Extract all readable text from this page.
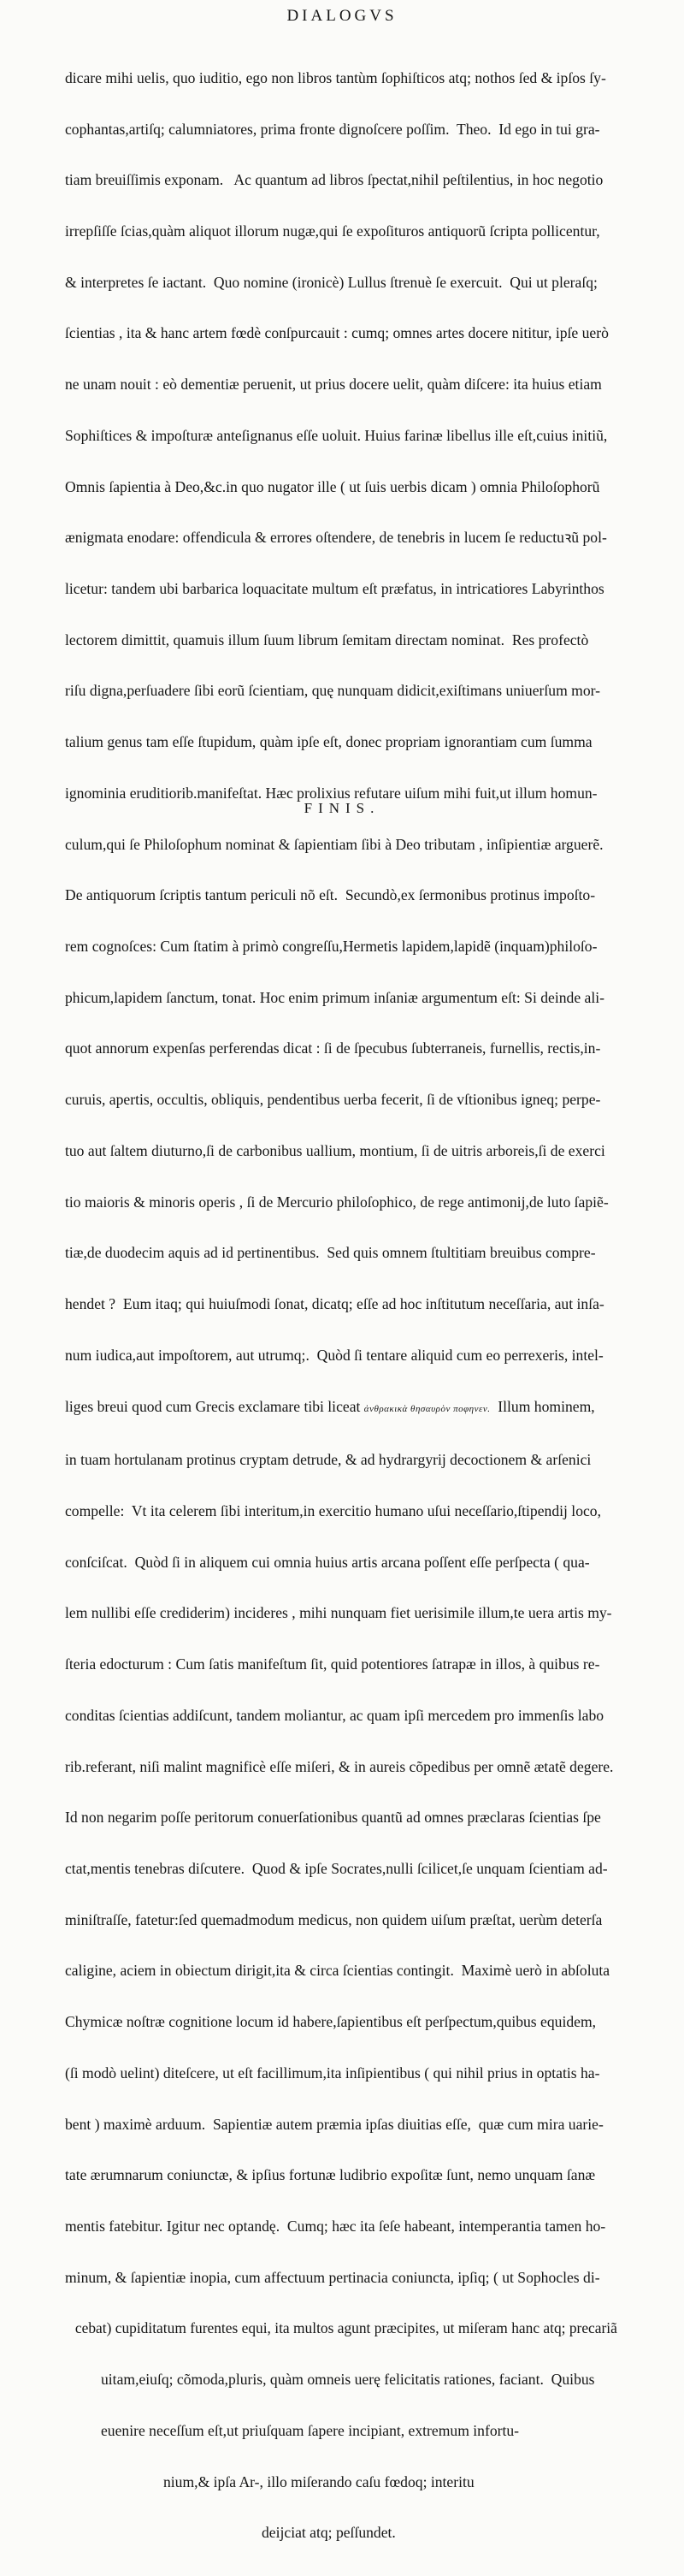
DIALOGVS

dicare mihi uelis, quo iuditio, ego non libros tantùm ſophiſticos atq; nothos ſed & ipſos ſy-

cophantas,artiſq; calumniatores, prima fronte dignoſcere poſſim.  Theo.  Id ego in tui gra-

tiam breuiſſimis exponam.   Ac quantum ad libros ſpectat,nihil peſtilentius, in hoc negotio

irrepſiſſe ſcias,quàm aliquot illorum nugæ,qui ſe expoſituros antiquorũ ſcripta pollicentur,

& interpretes ſe iactant.  Quo nomine (ironicè) Lullus ſtrenuè ſe exercuit.  Qui ut pleraſq;

ſcientias , ita & hanc artem fœdè conſpurcauit : cumq; omnes artes docere nititur, ipſe uerò

ne unam nouit : eò dementiæ peruenit, ut prius docere uelit, quàm diſcere: ita huius etiam

Sophiſtices & impoſturæ anteſignanus eſſe uoluit. Huius farinæ libellus ille eſt,cuius initiũ,

Omnis ſapientia à Deo,&c.in quo nugator ille ( ut ſuis uerbis dicam ) omnia Philoſophorũ

ænigmata enodare: offendicula & errores oſtendere, de tenebris in lucem ſe reductuꝛũ pol-

licetur: tandem ubi barbarica loquacitate multum eſt præfatus, in intricatiores Labyrinthos

lectorem dimittit, quamuis illum ſuum librum ſemitam directam nominat.  Res profectò

riſu digna,perſuadere ſibi eorũ ſcientiam, quę nunquam didicit,exiſtimans uniuerſum mor-

talium genus tam eſſe ſtupidum, quàm ipſe eſt, donec propriam ignorantiam cum ſumma

ignominia eruditiorib.manifeſtat. Hæc prolixius refutare uiſum mihi fuit,ut illum homun-

culum,qui ſe Philoſophum nominat & ſapientiam ſibi à Deo tributam , inſipientiæ arguerẽ.

De antiquorum ſcriptis tantum periculi nõ eſt.  Secundò,ex ſermonibus protinus impoſto-

rem cognoſces: Cum ſtatim à primò congreſſu,Hermetis lapidem,lapidẽ (inquam)philoſo-

phicum,lapidem ſanctum, tonat. Hoc enim primum inſaniæ argumentum eſt: Si deinde ali-

quot annorum expenſas perferendas dicat : ſi de ſpecubus ſubterraneis, furnellis, rectis,in-

curuis, apertis, occultis, obliquis, pendentibus uerba fecerit, ſi de vſtionibus igneq; perpe-

tuo aut ſaltem diuturno,ſi de carbonibus uallium, montium, ſi de uitris arboreis,ſi de exerci

tio maioris & minoris operis , ſi de Mercurio philoſophico, de rege antimonij,de luto ſapiẽ-

tiæ,de duodecim aquis ad id pertinentibus.  Sed quis omnem ſtultitiam breuibus compre-

hendet ?  Eum itaq; qui huiuſmodi ſonat, dicatq; eſſe ad hoc inſtitutum neceſſaria, aut inſa-

num iudica,aut impoſtorem, aut utrumq;.  Quòd ſi tentare aliquid cum eo perrexeris, intel-

liges breui quod cum Grecis exclamare tibi liceat ἀνθρακικὰ θησαυρὸν ποφηνεν.  Illum hominem,

in tuam hortulanam protinus cryptam detrude, & ad hydrargyrij decoctionem & arſenici

compelle:  Vt ita celerem ſibi interitum,in exercitio humano uſui neceſſario,ſtipendij loco,

conſciſcat.  Quòd ſi in aliquem cui omnia huius artis arcana poſſent eſſe perſpecta ( qua-

lem nullibi eſſe crediderim) incideres , mihi nunquam fiet uerisimile illum,te uera artis my-

ſteria edocturum : Cum ſatis manifeſtum ſit, quid potentiores ſatrapæ in illos, à quibus re-

conditas ſcientias addiſcunt, tandem moliantur, ac quam ipſi mercedem pro immenſis labo

rib.referant, niſi malint magnificè eſſe miſeri, & in aureis cõpedibus per omnẽ ætatẽ degere.

Id non negarim poſſe peritorum conuerſationibus quantũ ad omnes præclaras ſcientias ſpe

ctat,mentis tenebras diſcutere.  Quod & ipſe Socrates,nulli ſcilicet,ſe unquam ſcientiam ad-

miniſtraſſe, fatetur:ſed quemadmodum medicus, non quidem uiſum præſtat, uerùm deterſa

caligine, aciem in obiectum dirigit,ita & circa ſcientias contingit.  Maximè uerò in abſoluta

Chymicæ noſtræ cognitione locum id habere,ſapientibus eſt perſpectum,quibus equidem,

(ſi modò uelint) diteſcere, ut eſt facillimum,ita inſipientibus ( qui nihil prius in optatis ha-

bent ) maximè arduum.  Sapientiæ autem præmia ipſas diuitias eſſe,  quæ cum mira uarie-

tate ærumnarum coniunctæ, & ipſius fortunæ ludibrio expoſitæ ſunt, nemo unquam ſanæ

mentis fatebitur. Igitur nec optandę.  Cumq; hæc ita ſeſe habeant, intemperantia tamen ho-

minum, & ſapientiæ inopia, cum affectuum pertinacia coniuncta, ipſiq; ( ut Sophocles di-

cebat) cupiditatum furentes equi, ita multos agunt præcipites, ut miſeram hanc atq; precariã

uitam,eiuſq; cõmoda,pluris, quàm omneis uerę felicitatis rationes, faciant.  Quibus

euenire neceſſum eſt,ut priuſquam ſapere incipiant, extremum infortu-

nium,& ipſa Ar-, illo miſerando caſu fœdoq; interitu

deijciat atq; peſſundet.

FINIS.
